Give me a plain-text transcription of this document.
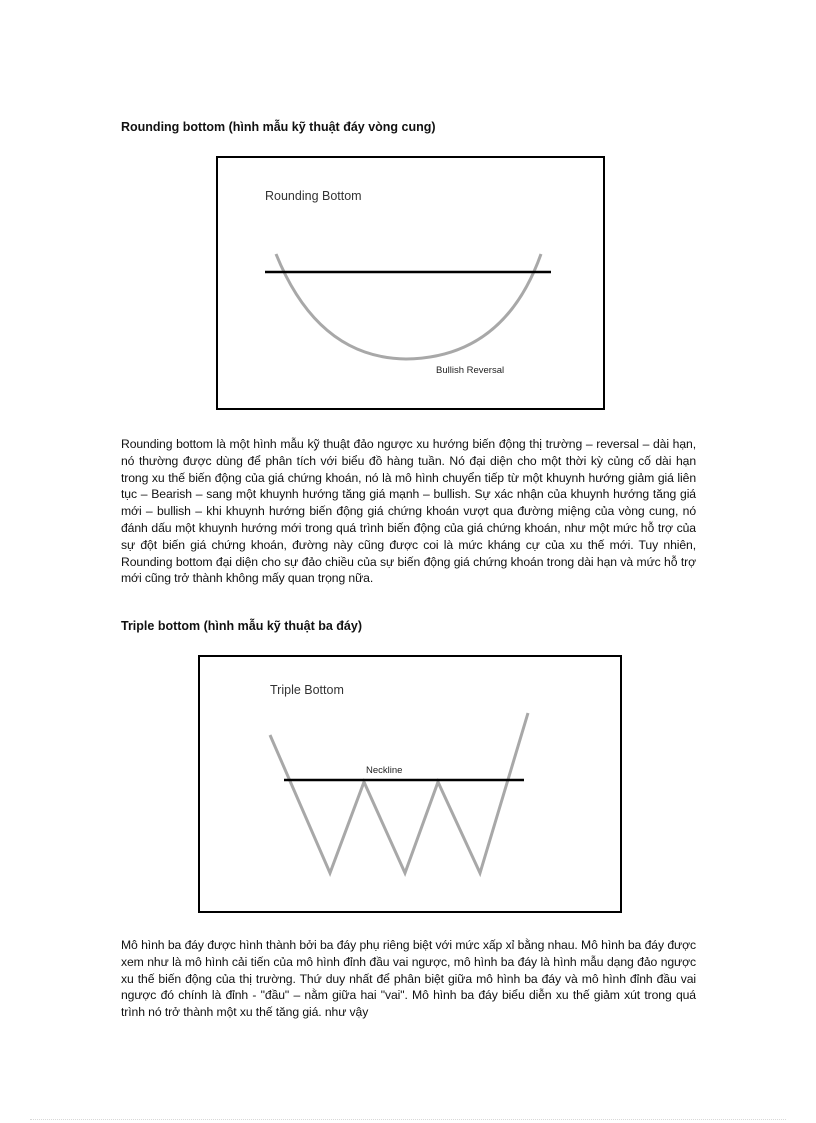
Rounding bottom (hình mẫu kỹ thuật đáy vòng cung)
Rounding Bottom
Bullish Reversal

Rounding bottom là một hình mẫu kỹ thuật đảo ngược xu hướng biến động thị trường – reversal – dài hạn, nó thường được dùng để phân tích với biểu đồ hàng tuần. Nó đại diện cho một thời kỳ củng cố dài hạn trong xu thế biến động của giá chứng khoán, nó là mô hình chuyển tiếp từ một khuynh hướng giảm giá liên tục – Bearish – sang một khuynh hướng tăng giá mạnh – bullish. Sự xác nhận của khuynh hướng tăng giá mới – bullish – khi khuynh hướng biến động giá chứng khoán vượt qua đường miệng của vòng cung, nó đánh dấu một khuynh hướng mới trong quá trình biến động của giá chứng khoán, như một mức hỗ trợ của sự đột biến giá chứng khoán, đường này cũng được coi là mức kháng cự của xu thế mới. Tuy nhiên, Rounding bottom đại diện cho sự đảo chiều của sự biến động giá chứng khoán trong dài hạn và mức hỗ trợ mới cũng trở thành không mấy quan trọng nữa.

Triple bottom (hình mẫu kỹ thuật ba đáy)
Triple Bottom
Neckline

Mô hình ba đáy được hình thành bởi ba đáy phụ riêng biệt với mức xấp xỉ bằng nhau. Mô hình ba đáy được xem như là mô hình cải tiến của mô hình đỉnh đầu vai ngược, mô hình ba đáy là hình mẫu dạng đảo ngược xu thế biến động của thị trường. Thứ duy nhất để phân biệt giữa mô hình ba đáy và mô hình đỉnh đầu vai ngược đó chính là đỉnh - "đầu" – nằm giữa hai "vai". Mô hình ba đáy biểu diễn xu thế giảm xút trong quá trình nó trở thành một xu thế tăng giá. như vậy
